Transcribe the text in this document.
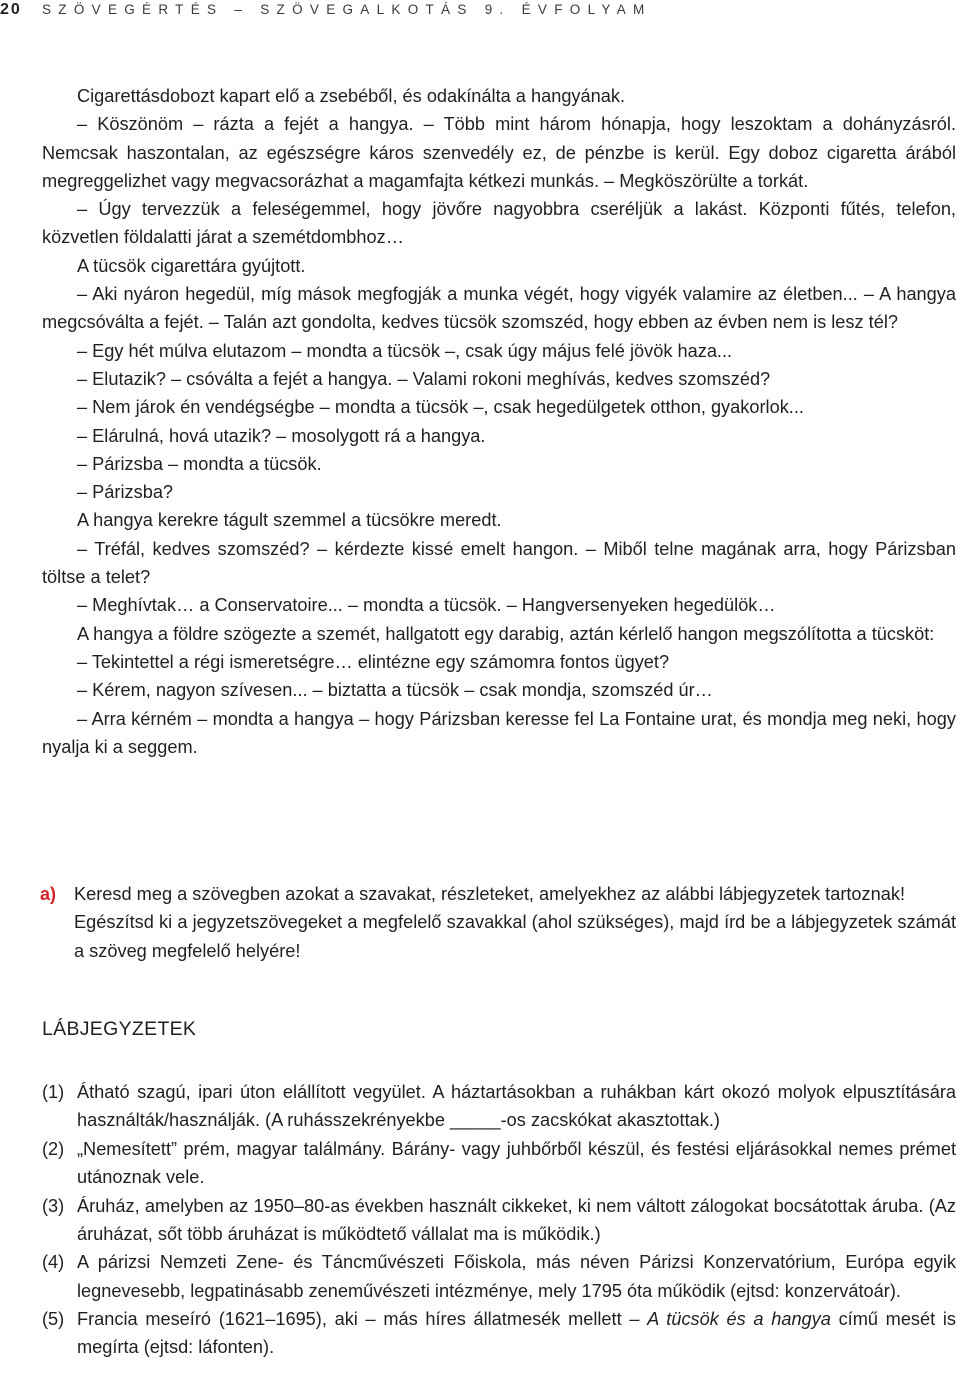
20 SZÖVEGÉRTÉS – SZÖVEGALKOTÁS 9. ÉVFOLYAM

Cigarettásdobozt kapart elő a zsebéből, és odakínálta a hangyának.

– Köszönöm – rázta a fejét a hangya. – Több mint három hónapja, hogy leszoktam a dohányzásról. Nemcsak haszontalan, az egészségre káros szenvedély ez, de pénzbe is kerül. Egy doboz cigaretta árából megreggelizhet vagy megvacsorázhat a magamfajta kétkezi munkás. – Megköszörülte a torkát.

– Úgy tervezzük a feleségemmel, hogy jövőre nagyobbra cseréljük a lakást. Központi fűtés, telefon, közvetlen földalatti járat a szemétdombhoz…

A tücsök cigarettára gyújtott.

– Aki nyáron hegedül, míg mások megfogják a munka végét, hogy vigyék valamire az életben... – A hangya megcsóválta a fejét. – Talán azt gondolta, kedves tücsök szomszéd, hogy ebben az évben nem is lesz tél?

– Egy hét múlva elutazom – mondta a tücsök –, csak úgy május felé jövök haza...

– Elutazik? – csóválta a fejét a hangya. – Valami rokoni meghívás, kedves szomszéd?

– Nem járok én vendégségbe – mondta a tücsök –, csak hegedülgetek otthon, gyakorlok...

– Elárulná, hová utazik? – mosolygott rá a hangya.

– Párizsba – mondta a tücsök.

– Párizsba?

A hangya kerekre tágult szemmel a tücsökre meredt.

– Tréfál, kedves szomszéd? – kérdezte kissé emelt hangon. – Miből telne magának arra, hogy Párizsban töltse a telet?

– Meghívtak… a Conservatoire... – mondta a tücsök. – Hangversenyeken hegedülök…

A hangya a földre szögezte a szemét, hallgatott egy darabig, aztán kérlelő hangon megszólította a tücsköt:

– Tekintettel a régi ismeretségre… elintézne egy számomra fontos ügyet?

– Kérem, nagyon szívesen... – biztatta a tücsök – csak mondja, szomszéd úr…

– Arra kérném – mondta a hangya – hogy Párizsban keresse fel La Fontaine urat, és mondja meg neki, hogy nyalja ki a seggem.

a) Keresd meg a szövegben azokat a szavakat, részleteket, amelyekhez az alábbi lábjegyzetek tartoznak!

Egészítsd ki a jegyzetszövegeket a megfelelő szavakkal (ahol szükséges), majd írd be a lábjegyzetek számát a szöveg megfelelő helyére!

LÁBJEGYZETEK
(1) Átható szagú, ipari úton elállított vegyület. A háztartásokban a ruhákban kárt okozó molyok elpusztítására használták/használják. (A ruhásszekrényekbe _____-os zacskókat akasztottak.)

(2) „Nemesített” prém, magyar találmány. Bárány- vagy juhbőrből készül, és festési eljárásokkal nemes prémet utánoznak vele.

(3) Áruház, amelyben az 1950–80-as években használt cikkeket, ki nem váltott zálogokat bocsátottak áruba. (Az áruházat, sőt több áruházat is működtető vállalat ma is működik.)

(4) A párizsi Nemzeti Zene- és Táncművészeti Főiskola, más néven Párizsi Konzervatórium, Európa egyik legnevesebb, legpatinásabb zeneművészeti intézménye, mely 1795 óta működik (ejtsd: konzervátoár).

(5) Francia meseíró (1621–1695), aki – más híres állatmesék mellett – A tücsök és a hangya című mesét is megírta (ejtsd: láfonten).
